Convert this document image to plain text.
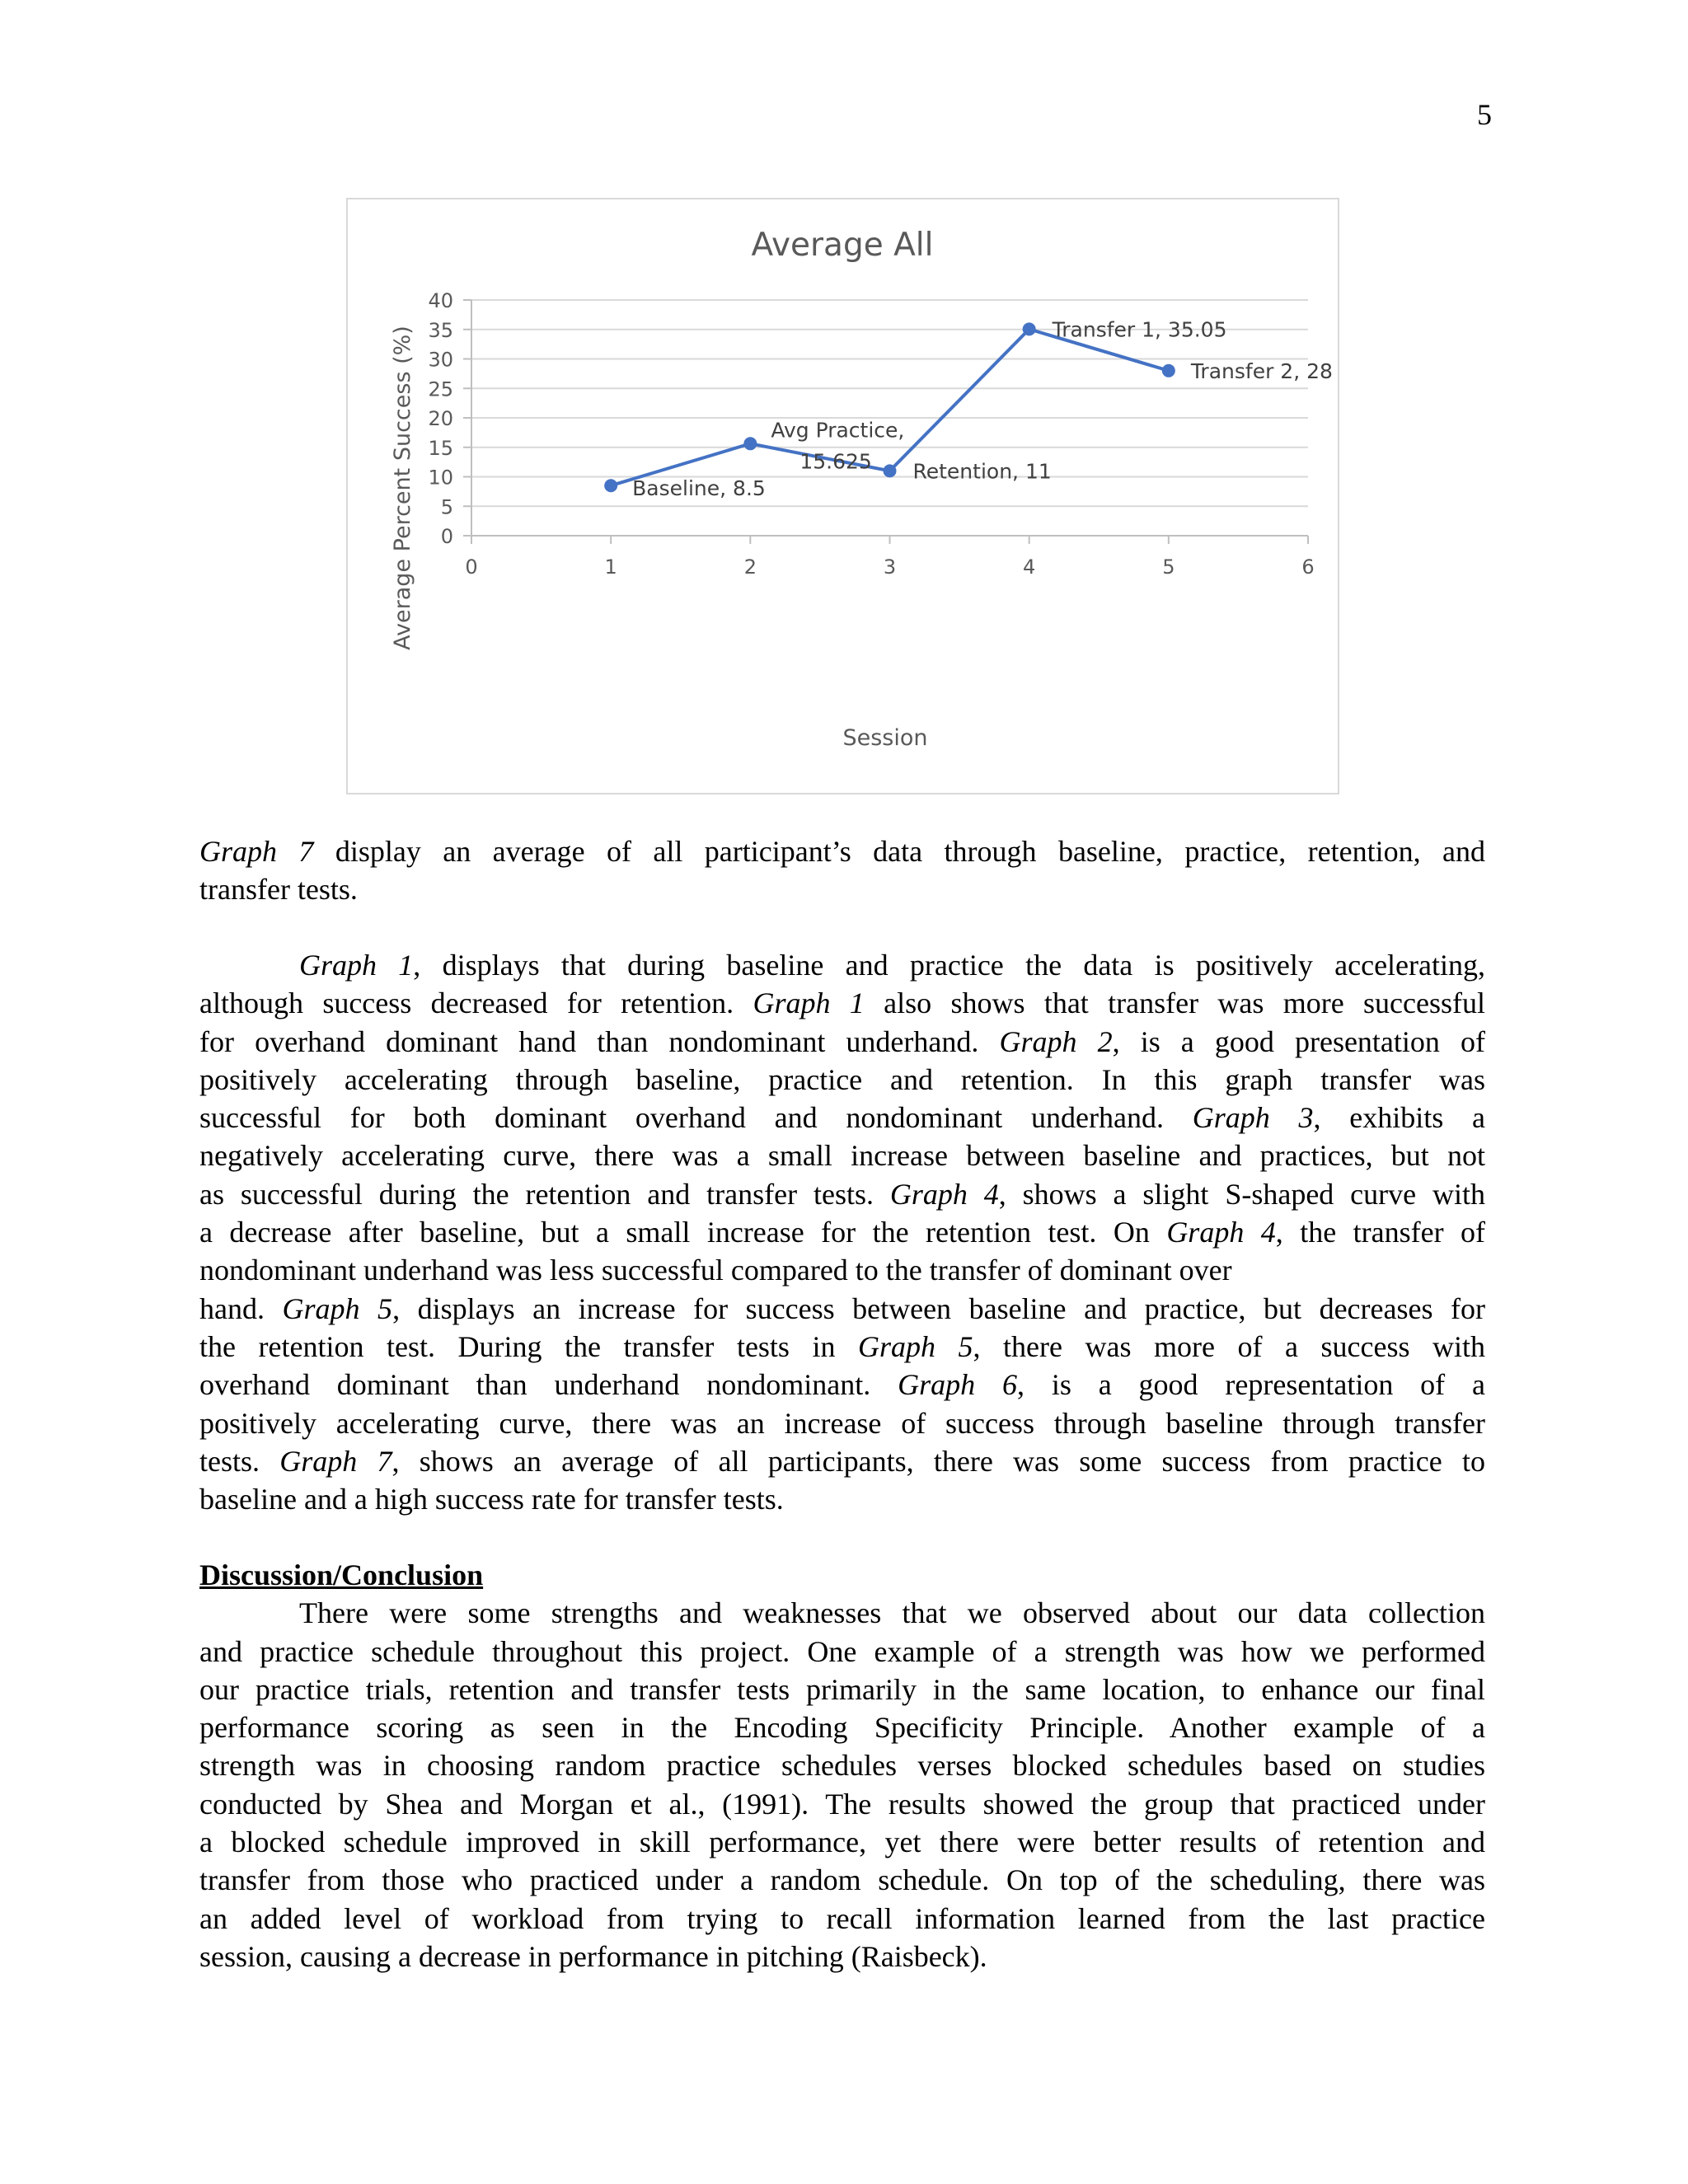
5
Average All
0
5
10
15
20
25
30
35
40
0	1	2	3	4	5	6
Session
Average Percent Success (%)	Baseline, 8.5
Avg Practice,
15.625 Retention, 11
Transfer 1, 35.05
Transfer 2, 28
Graph 7 display an average of all participant’s data through baseline, practice, retention, and
transfer tests.
Graph 1, displays that during baseline and practice the data is positively accelerating,
although success decreased for retention. Graph 1 also shows that transfer was more successful
for overhand dominant hand than nondominant underhand. Graph 2, is a good presentation of
positively accelerating through baseline, practice and retention. In this graph transfer was
successful for both dominant overhand and nondominant underhand. Graph 3, exhibits a
negatively accelerating curve, there was a small increase between baseline and practices, but not
as successful during the retention and transfer tests. Graph 4, shows a slight S-shaped curve with
a decrease after baseline, but a small increase for the retention test. On Graph 4, the transfer of
nondominant underhand was less successful compared to the transfer of dominant over
hand. Graph 5, displays an increase for success between baseline and practice, but decreases for
the retention test. During the transfer tests in Graph 5, there was more of a success with
overhand dominant than underhand nondominant. Graph 6, is a good representation of a
positively accelerating curve, there was an increase of success through baseline through transfer
tests. Graph 7, shows an average of all participants, there was some success from practice to
baseline and a high success rate for transfer tests.
Discussion/Conclusion
There were some strengths and weaknesses that we observed about our data collection
and practice schedule throughout this project. One example of a strength was how we performed
our practice trials, retention and transfer tests primarily in the same location, to enhance our final
performance scoring as seen in the Encoding Specificity Principle. Another example of a
strength was in choosing random practice schedules verses blocked schedules based on studies
conducted by Shea and Morgan et al., (1991). The results showed the group that practiced under
a blocked schedule improved in skill performance, yet there were better results of retention and
transfer from those who practiced under a random schedule. On top of the scheduling, there was
an added level of workload from trying to recall information learned from the last practice
session, causing a decrease in performance in pitching (Raisbeck).
